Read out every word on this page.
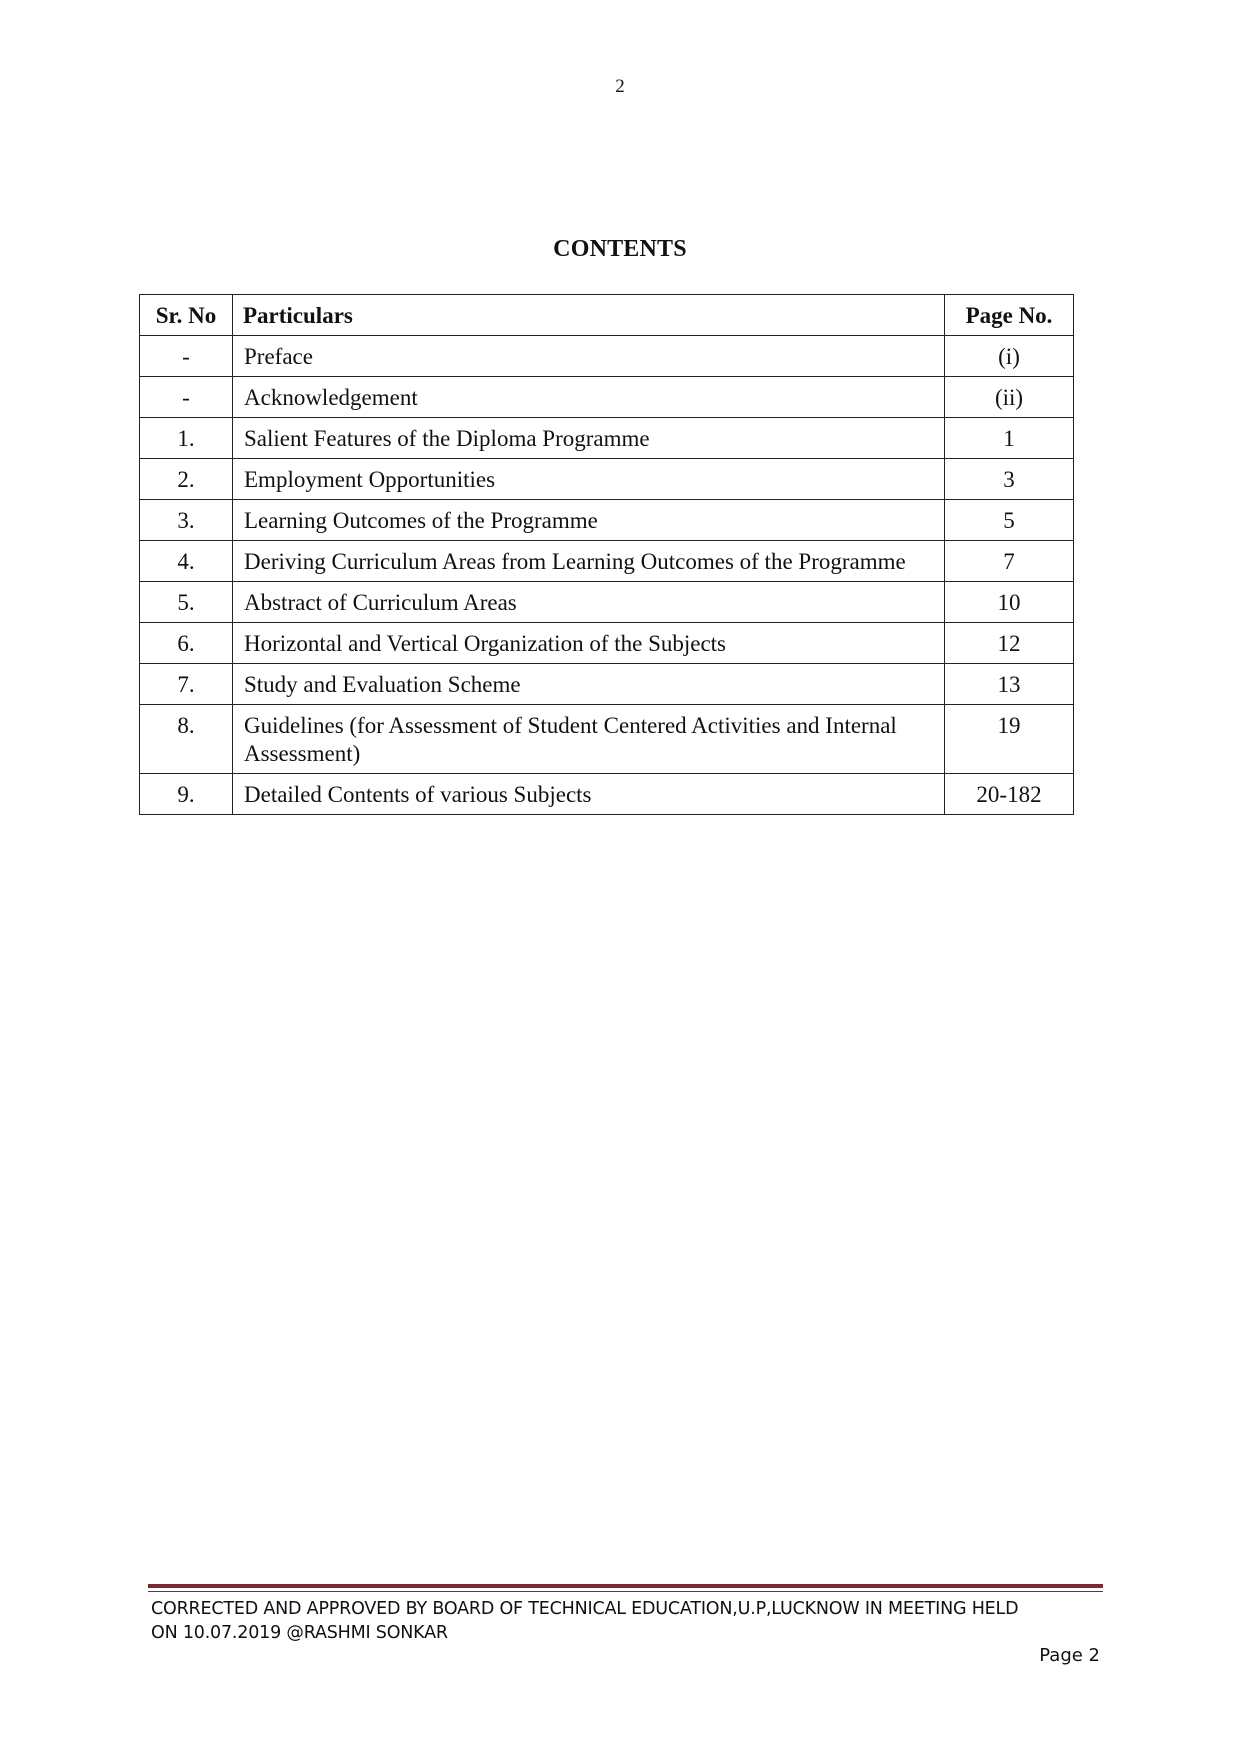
2
CONTENTS
Sr. No	Particulars	Page No.
-	Preface	(i)
-	Acknowledgement	(ii)
1.	Salient Features of the Diploma Programme	1
2.	Employment Opportunities	3
3.	Learning Outcomes of the Programme	5
4.	Deriving Curriculum Areas from Learning Outcomes of the Programme	7
5.	Abstract of Curriculum Areas	10
6.	Horizontal and Vertical Organization of the Subjects	12
7.	Study and Evaluation Scheme	13
8.	Guidelines (for Assessment of Student Centered Activities and Internal Assessment)	19
9.	Detailed Contents of various Subjects	20-182
CORRECTED AND APPROVED BY BOARD OF TECHNICAL EDUCATION,U.P,LUCKNOW IN MEETING HELD
ON 10.07.2019 @RASHMI SONKAR
Page 2
